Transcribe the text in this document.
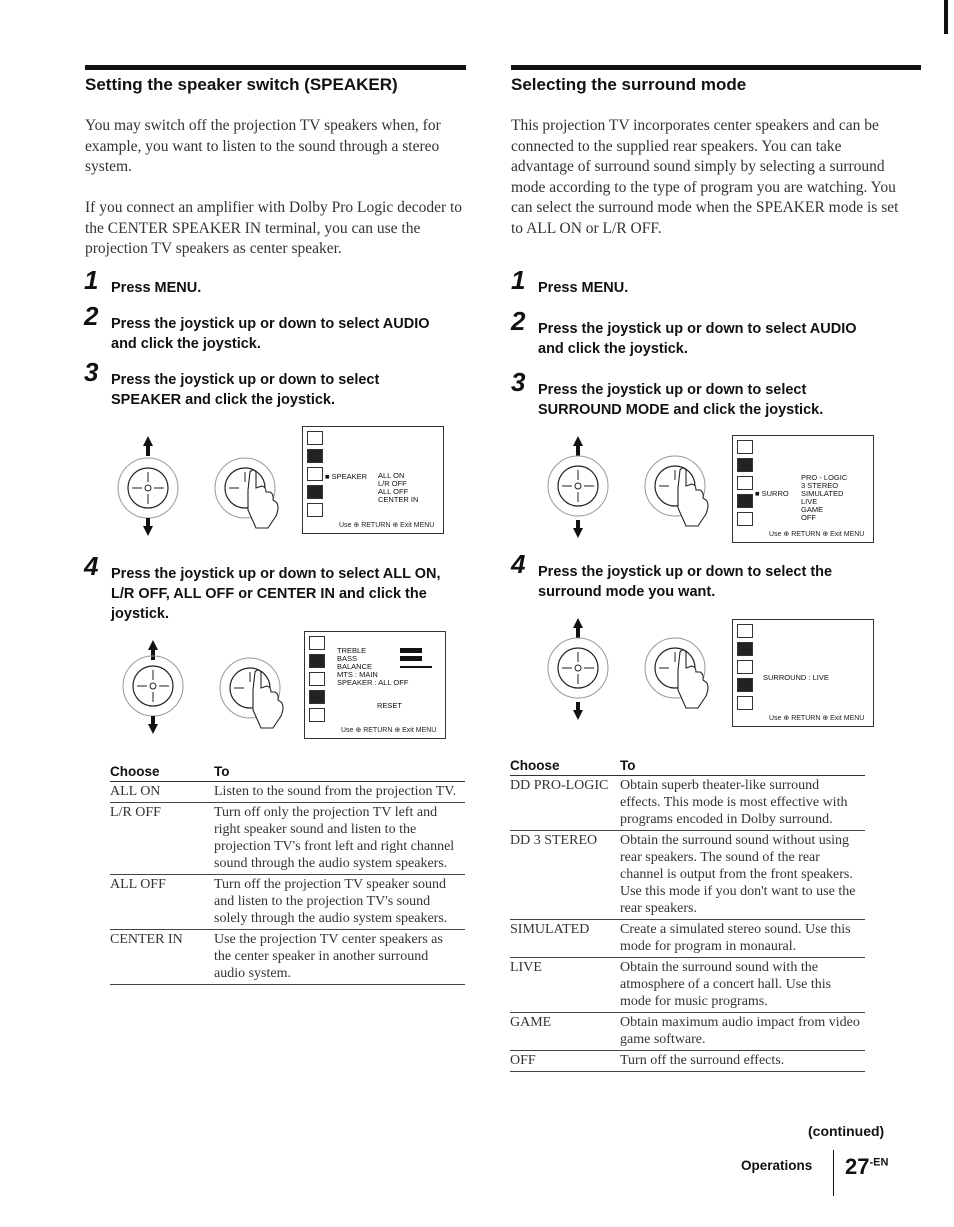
Setting the speaker switch (SPEAKER)
You may switch off the projection TV speakers when, for example, you want to listen to the sound through a stereo system.
If you connect an amplifier with Dolby Pro Logic decoder to the CENTER SPEAKER IN terminal, you can use the projection TV speakers as center speaker.
1 Press MENU.
2 Press the joystick up or down to select AUDIO and click the joystick.
3 Press the joystick up or down to select SPEAKER and click the joystick.
■ SPEAKER ALL ON
L/R OFF
ALL OFF
CENTER IN
Use ⊕ RETURN ⊕ Exit MENU
4 Press the joystick up or down to select ALL ON, L/R OFF, ALL OFF or CENTER IN and click the joystick.
TREBLE
BASS
BALANCE
MTS : MAIN
SPEAKER : ALL OFF
RESET
Use ⊕ RETURN ⊕ Exit MENU
Choose	To
ALL ON	Listen to the sound from the projection TV.
L/R OFF	Turn off only the projection TV left and right speaker sound and listen to the projection TV's front left and right channel sound through the audio system speakers.
ALL OFF	Turn off the projection TV speaker sound and listen to the projection TV's sound solely through the audio system speakers.
CENTER IN	Use the projection TV center speakers as the center speaker in another surround audio system.
Selecting the surround mode
This projection TV incorporates center speakers and can be connected to the supplied rear speakers. You can take advantage of surround sound simply by selecting a surround mode according to the type of program you are watching. You can select the surround mode when the SPEAKER mode is set to ALL ON or L/R OFF.
1 Press MENU.
2 Press the joystick up or down to select AUDIO and click the joystick.
3 Press the joystick up or down to select SURROUND MODE and click the joystick.
■ SURRO
PRO - LOGIC
3 STEREO
SIMULATED
LIVE
GAME
OFF
Use ⊕ RETURN ⊕ Exit MENU
4 Press the joystick up or down to select the surround mode you want.
SURROUND : LIVE
Use ⊕ RETURN ⊕ Exit MENU
Choose	To
DD PRO-LOGIC	Obtain superb theater-like surround effects. This mode is most effective with programs encoded in Dolby surround.
DD 3 STEREO	Obtain the surround sound without using rear speakers. The sound of the rear channel is output from the front speakers. Use this mode if you don't want to use the rear speakers.
SIMULATED	Create a simulated stereo sound. Use this mode for program in monaural.
LIVE	Obtain the surround sound with the atmosphere of a concert hall. Use this mode for music programs.
GAME	Obtain maximum audio impact from video game software.
OFF	Turn off the surround effects.
(continued)
Operations $27^{-EN}$
